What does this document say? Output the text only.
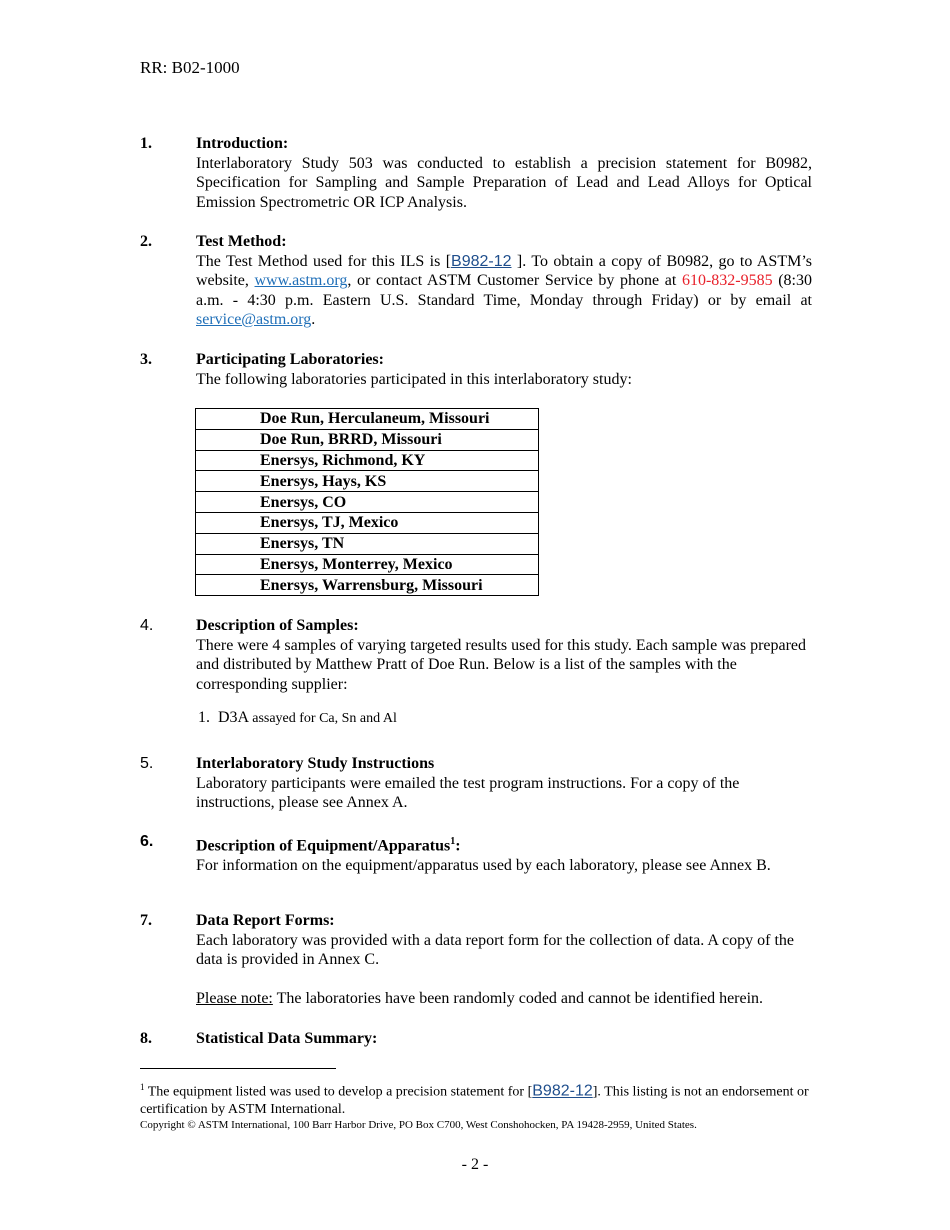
RR: B02-1000
1.	Introduction:
Interlaboratory Study 503 was conducted to establish a precision statement for B0982, Specification for Sampling and Sample Preparation of Lead and Lead Alloys for Optical Emission Spectrometric OR ICP Analysis.
2.	Test Method:
The Test Method used for this ILS is [B982-12 ]. To obtain a copy of B0982, go to ASTM’s website, www.astm.org, or contact ASTM Customer Service by phone at 610-832-9585 (8:30 a.m. - 4:30 p.m. Eastern U.S. Standard Time, Monday through Friday) or by email at service@astm.org.
3.	Participating Laboratories:
The following laboratories participated in this interlaboratory study:
Doe Run, Herculaneum, Missouri
Doe Run, BRRD, Missouri
Enersys, Richmond, KY
Enersys, Hays, KS
Enersys, CO
Enersys, TJ, Mexico
Enersys, TN
Enersys, Monterrey, Mexico
Enersys, Warrensburg, Missouri
4.	Description of Samples:
There were 4 samples of varying targeted results used for this study. Each sample was prepared and distributed by Matthew Pratt of Doe Run. Below is a list of the samples with the corresponding supplier:
1. D3A assayed for Ca, Sn and Al
5.	Interlaboratory Study Instructions
Laboratory participants were emailed the test program instructions. For a copy of the instructions, please see Annex A.
6.	Description of Equipment/Apparatus$^1$:
For information on the equipment/apparatus used by each laboratory, please see Annex B.
7.	Data Report Forms:
Each laboratory was provided with a data report form for the collection of data. A copy of the data is provided in Annex C.
Please note: The laboratories have been randomly coded and cannot be identified herein.
8.	Statistical Data Summary:
$^1$ The equipment listed was used to develop a precision statement for [B982-12]. This listing is not an endorsement or certification by ASTM International.
Copyright © ASTM International, 100 Barr Harbor Drive, PO Box C700, West Conshohocken, PA 19428-2959, United States.
- 2 -
